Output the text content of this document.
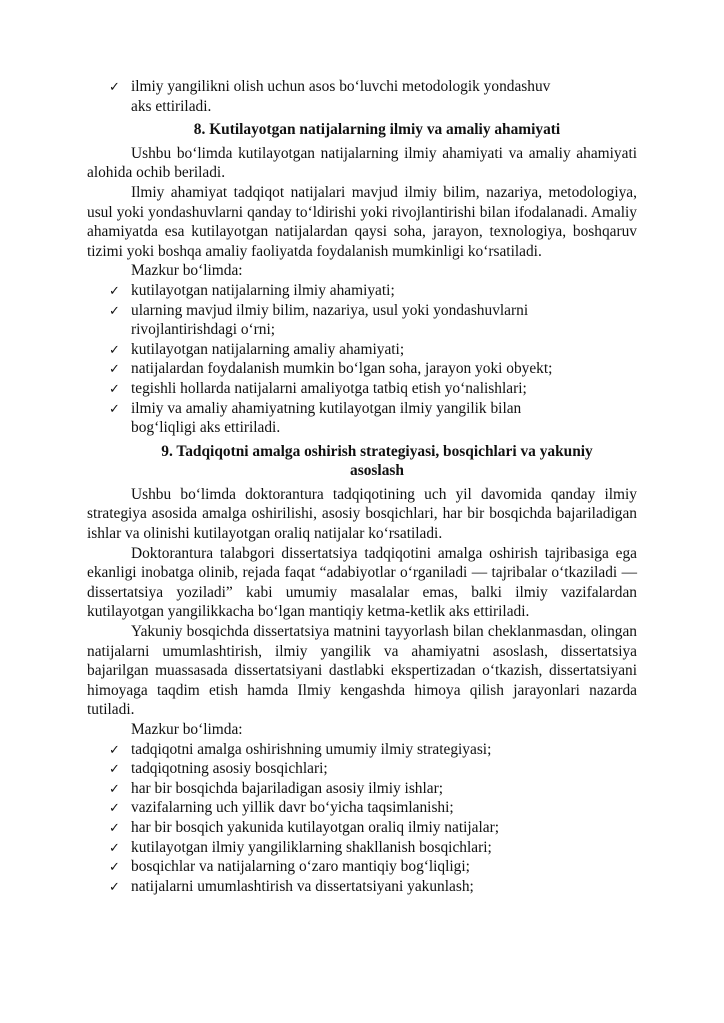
✓ ilmiy yangilikni olish uchun asos bo‘luvchi metodologik yondashuv aks ettiriladi.
8. Kutilayotgan natijalarning ilmiy va amaliy ahamiyati

Ushbu bo‘limda kutilayotgan natijalarning ilmiy ahamiyati va amaliy ahamiyati alohida ochib beriladi.

Ilmiy ahamiyat tadqiqot natijalari mavjud ilmiy bilim, nazariya, metodologiya, usul yoki yondashuvlarni qanday to‘ldirishi yoki rivojlantirishi bilan ifodalanadi. Amaliy ahamiyatda esa kutilayotgan natijalardan qaysi soha, jarayon, texnologiya, boshqaruv tizimi yoki boshqa amaliy faoliyatda foydalanish mumkinligi ko‘rsatiladi.

Mazkur bo‘limda:

✓ kutilayotgan natijalarning ilmiy ahamiyati;
✓ ularning mavjud ilmiy bilim, nazariya, usul yoki yondashuvlarni rivojlantirishdagi o‘rni;
✓ kutilayotgan natijalarning amaliy ahamiyati;
✓ natijalardan foydalanish mumkin bo‘lgan soha, jarayon yoki obyekt;
✓ tegishli hollarda natijalarni amaliyotga tatbiq etish yo‘nalishlari;
✓ ilmiy va amaliy ahamiyatning kutilayotgan ilmiy yangilik bilan bog‘liqligi aks ettiriladi.
9. Tadqiqotni amalga oshirish strategiyasi, bosqichlari va yakuniy
asoslash

Ushbu bo‘limda doktorantura tadqiqotining uch yil davomida qanday ilmiy strategiya asosida amalga oshirilishi, asosiy bosqichlari, har bir bosqichda bajariladigan ishlar va olinishi kutilayotgan oraliq natijalar ko‘rsatiladi.

Doktorantura talabgori dissertatsiya tadqiqotini amalga oshirish tajribasiga ega ekanligi inobatga olinib, rejada faqat “adabiyotlar o‘rganiladi — tajribalar o‘tkaziladi — dissertatsiya yoziladi” kabi umumiy masalalar emas, balki ilmiy vazifalardan kutilayotgan yangilikkacha bo‘lgan mantiqiy ketma-ketlik aks ettiriladi.

Yakuniy bosqichda dissertatsiya matnini tayyorlash bilan cheklanmasdan, olingan natijalarni umumlashtirish, ilmiy yangilik va ahamiyatni asoslash, dissertatsiya bajarilgan muassasada dissertatsiyani dastlabki ekspertizadan o‘tkazish, dissertatsiyani himoyaga taqdim etish hamda Ilmiy kengashda himoya qilish jarayonlari nazarda tutiladi.

Mazkur bo‘limda:

✓ tadqiqotni amalga oshirishning umumiy ilmiy strategiyasi;
✓ tadqiqotning asosiy bosqichlari;
✓ har bir bosqichda bajariladigan asosiy ilmiy ishlar;
✓ vazifalarning uch yillik davr bo‘yicha taqsimlanishi;
✓ har bir bosqich yakunida kutilayotgan oraliq ilmiy natijalar;
✓ kutilayotgan ilmiy yangiliklarning shakllanish bosqichlari;
✓ bosqichlar va natijalarning o‘zaro mantiqiy bog‘liqligi;
✓ natijalarni umumlashtirish va dissertatsiyani yakunlash;
